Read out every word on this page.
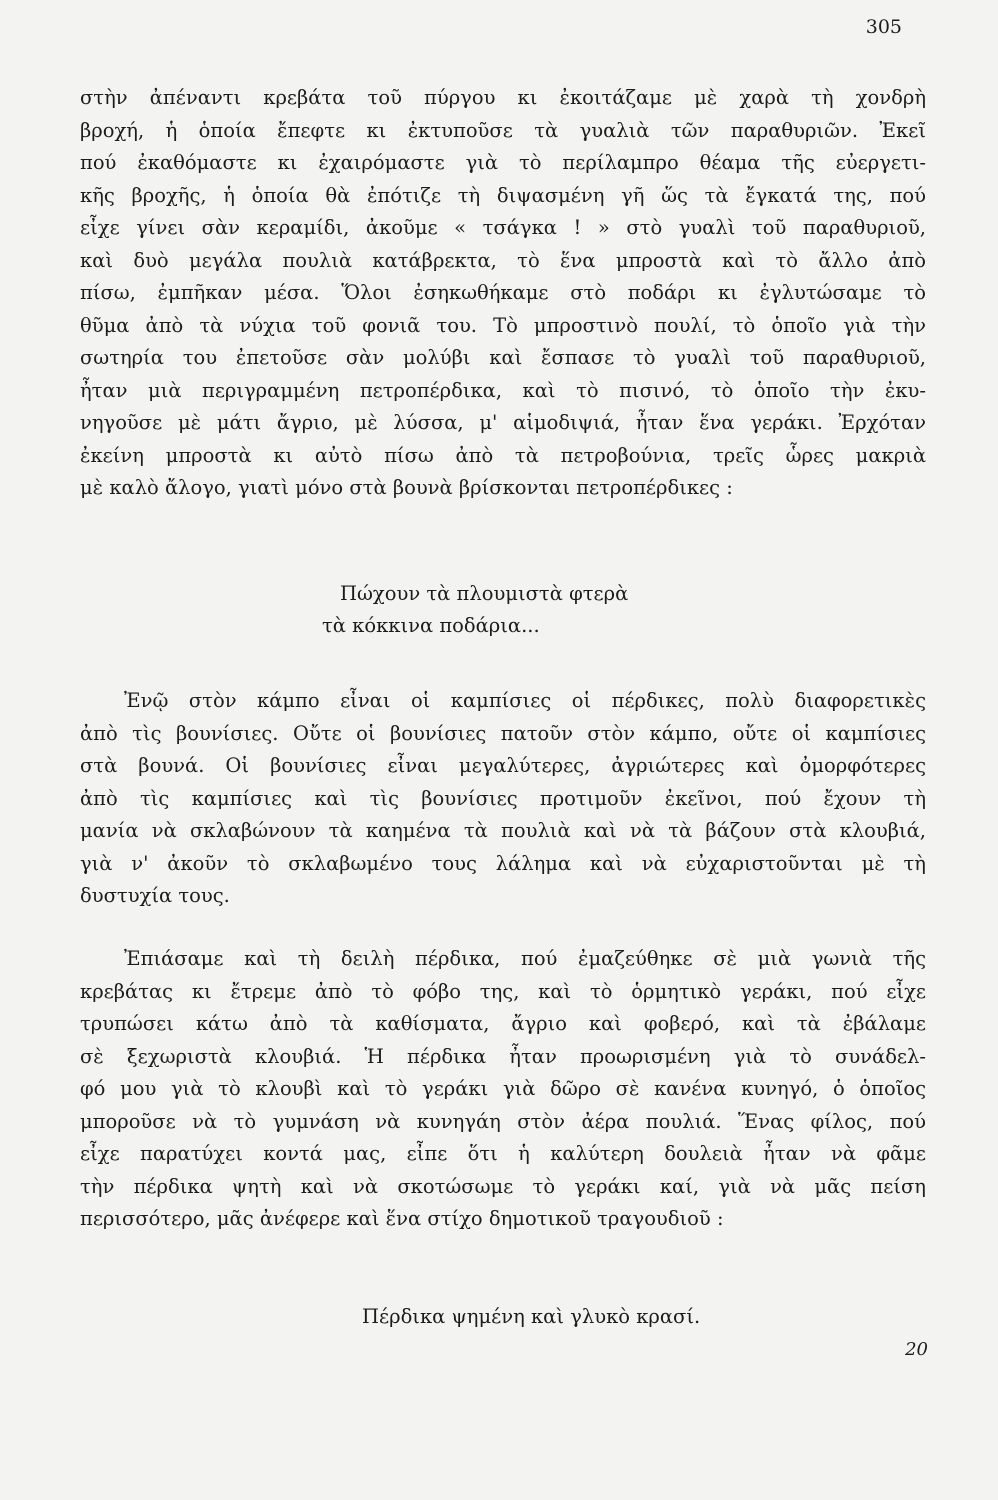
305
στὴν ἀπέναντι κρεβάτα τοῦ πύργου κι ἐκοιτάζαμε μὲ χαρὰ τὴ χονδρὴ
βροχή, ἡ ὁποία ἔπεφτε κι ἐκτυποῦσε τὰ γυαλιὰ τῶν παραθυριῶν. Ἐκεῖ
πού ἐκαθόμαστε κι ἐχαιρόμαστε γιὰ τὸ περίλαμπρο θέαμα τῆς εὐεργετι-
κῆς βροχῆς, ἡ ὁποία θὰ ἐπότιζε τὴ διψασμένη γῆ ὥς τὰ ἔγκατά της, πού
εἶχε γίνει σὰν κεραμίδι, ἀκοῦμε « τσάγκα ! » στὸ γυαλὶ τοῦ παραθυριοῦ,
καὶ δυὸ μεγάλα πουλιὰ κατάβρεκτα, τὸ ἕνα μπροστὰ καὶ τὸ ἄλλο ἀπὸ
πίσω, ἐμπῆκαν μέσα. Ὅλοι ἐσηκωθήκαμε στὸ ποδάρι κι ἐγλυτώσαμε τὸ
θῦμα ἀπὸ τὰ νύχια τοῦ φονιᾶ του. Τὸ μπροστινὸ πουλί, τὸ ὁποῖο γιὰ τὴν
σωτηρία του ἐπετοῦσε σὰν μολύβι καὶ ἔσπασε τὸ γυαλὶ τοῦ παραθυριοῦ,
ἦταν μιὰ περιγραμμένη πετροπέρδικα, καὶ τὸ πισινό, τὸ ὁποῖο τὴν ἐκυ-
νηγοῦσε μὲ μάτι ἄγριο, μὲ λύσσα, μ' αἱμοδιψιά, ἦταν ἕνα γεράκι. Ἐρχόταν
ἐκείνη μπροστὰ κι αὐτὸ πίσω ἀπὸ τὰ πετροβούνια, τρεῖς ὧρες μακριὰ
μὲ καλὸ ἄλογο, γιατὶ μόνο στὰ βουνὰ βρίσκονται πετροπέρδικες :
Πώχουν τὰ πλουμιστὰ φτερὰ
τὰ κόκκινα ποδάρια...
Ἐνῷ στὸν κάμπο εἶναι οἱ καμπίσιες οἱ πέρδικες, πολὺ διαφορετικὲς
ἀπὸ τὶς βουνίσιες. Οὔτε οἱ βουνίσιες πατοῦν στὸν κάμπο, οὔτε οἱ καμπίσιες
στὰ βουνά. Οἱ βουνίσιες εἶναι μεγαλύτερες, ἀγριώτερες καὶ ὀμορφότερες
ἀπὸ τὶς καμπίσιες καὶ τὶς βουνίσιες προτιμοῦν ἐκεῖνοι, πού ἔχουν τὴ
μανία νὰ σκλαβώνουν τὰ καημένα τὰ πουλιὰ καὶ νὰ τὰ βάζουν στὰ κλουβιά,
γιὰ ν' ἀκοῦν τὸ σκλαβωμένο τους λάλημα καὶ νὰ εὐχαριστοῦνται μὲ τὴ
δυστυχία τους.
Ἐπιάσαμε καὶ τὴ δειλὴ πέρδικα, πού ἐμαζεύθηκε σὲ μιὰ γωνιὰ τῆς
κρεβάτας κι ἔτρεμε ἀπὸ τὸ φόβο της, καὶ τὸ ὁρμητικὸ γεράκι, πού εἶχε
τρυπώσει κάτω ἀπὸ τὰ καθίσματα, ἄγριο καὶ φοβερό, καὶ τὰ ἐβάλαμε
σὲ ξεχωριστὰ κλουβιά. Ἡ πέρδικα ἦταν προωρισμένη γιὰ τὸ συνάδελ-
φό μου γιὰ τὸ κλουβὶ καὶ τὸ γεράκι γιὰ δῶρο σὲ κανένα κυνηγό, ὁ ὁποῖος
μποροῦσε νὰ τὸ γυμνάση νὰ κυνηγάη στὸν ἀέρα πουλιά. Ἕνας φίλος, πού
εἶχε παρατύχει κοντά μας, εἶπε ὅτι ἡ καλύτερη δουλειὰ ἦταν νὰ φᾶμε
τὴν πέρδικα ψητὴ καὶ νὰ σκοτώσωμε τὸ γεράκι καί, γιὰ νὰ μᾶς πείση
περισσότερο, μᾶς ἀνέφερε καὶ ἕνα στίχο δημοτικοῦ τραγουδιοῦ :
Πέρδικα ψημένη καὶ γλυκὸ κρασί.
20
